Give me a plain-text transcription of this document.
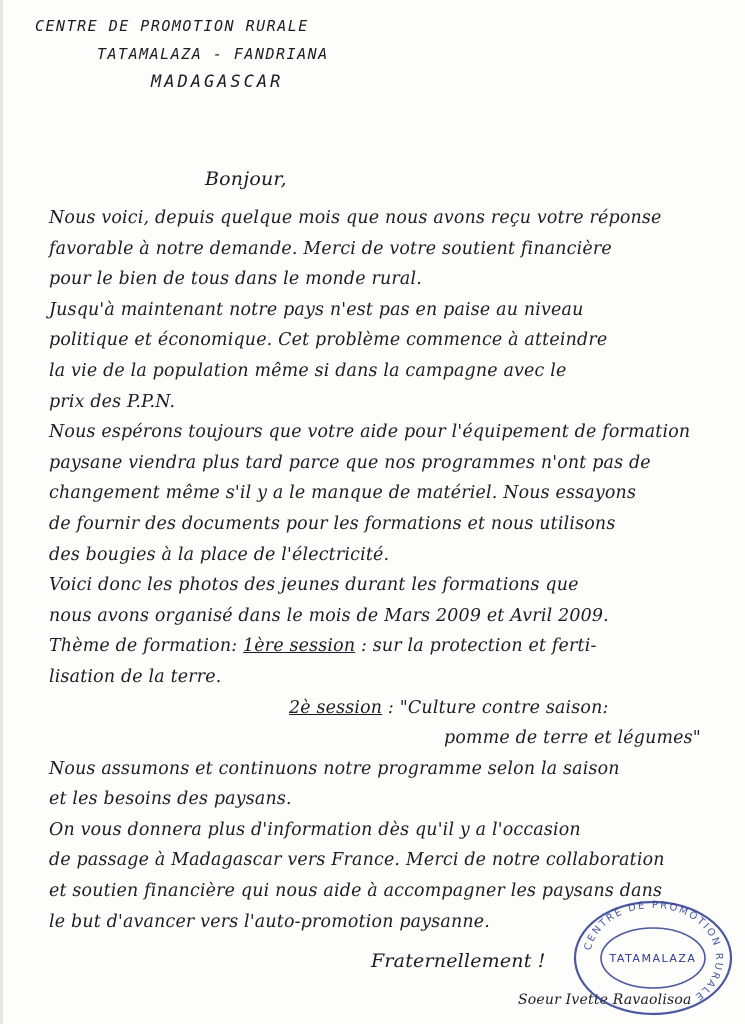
CENTRE DE PROMOTION RURALE
TATAMALAZA - FANDRIANA
MADAGASCAR
Bonjour,
Nous voici, depuis quelque mois que nous avons reçu votre réponse
favorable à notre demande. Merci de votre soutient financière
pour le bien de tous dans le monde rural.
Jusqu'à maintenant notre pays n'est pas en paise au niveau
politique et économique. Cet problème commence à atteindre
la vie de la population même si dans la campagne avec le
prix des P.P.N.
Nous espérons toujours que votre aide pour l'équipement de formation
paysane viendra plus tard parce que nos programmes n'ont pas de
changement même s'il y a le manque de matériel. Nous essayons
de fournir des documents pour les formations et nous utilisons
des bougies à la place de l'électricité.
Voici donc les photos des jeunes durant les formations que
nous avons organisé dans le mois de Mars 2009 et Avril 2009.
Thème de formation: 1ère session : sur la protection et ferti-
lisation de la terre.
2è session : "Culture contre saison:
pomme de terre et légumes"
Nous assumons et continuons notre programme selon la saison
et les besoins des paysans.
On vous donnera plus d'information dès qu'il y a l'occasion
de passage à Madagascar vers France. Merci de notre collaboration
et soutien financière qui nous aide à accompagner les paysans dans
le but d'avancer vers l'auto-promotion paysanne.
Fraternellement !
Soeur Ivette Ravaolisoa
CENTRE DE PROMOTION RURALE
TATAMALAZA
